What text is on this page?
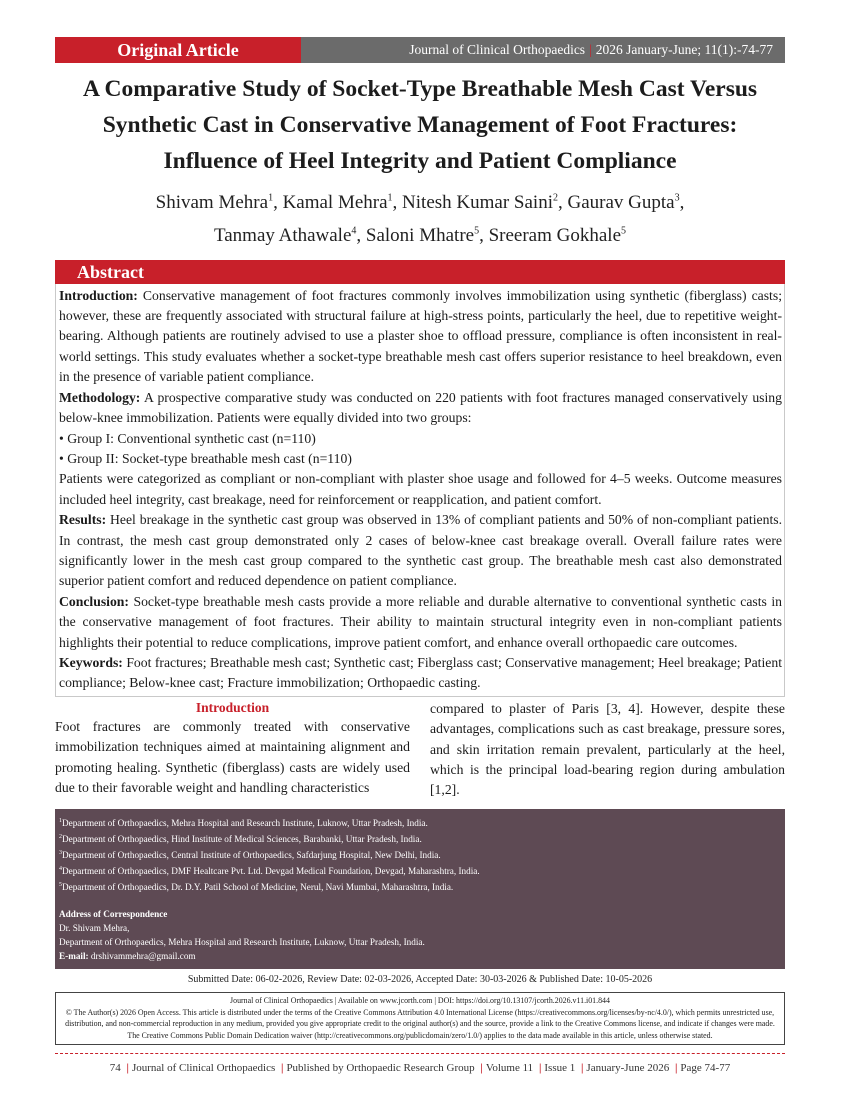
Original Article	Journal of Clinical Orthopaedics | 2026 January-June; 11(1):-74-77
A Comparative Study of Socket-Type Breathable Mesh Cast Versus Synthetic Cast in Conservative Management of Foot Fractures: Influence of Heel Integrity and Patient Compliance
Shivam Mehra$^1$, Kamal Mehra$^1$, Nitesh Kumar Saini$^2$, Gaurav Gupta$^3$,
Tanmay Athawale$^4$, Saloni Mhatre$^5$, Sreeram Gokhale$^5$
Abstract

Introduction: Conservative management of foot fractures commonly involves immobilization using synthetic (fiberglass) casts; however, these are frequently associated with structural failure at high-stress points, particularly the heel, due to repetitive weight-bearing. Although patients are routinely advised to use a plaster shoe to offload pressure, compliance is often inconsistent in real-world settings. This study evaluates whether a socket-type breathable mesh cast offers superior resistance to heel breakdown, even in the presence of variable patient compliance.

Methodology: A prospective comparative study was conducted on 220 patients with foot fractures managed conservatively using below-knee immobilization. Patients were equally divided into two groups:

• Group I: Conventional synthetic cast (n=110)

• Group II: Socket-type breathable mesh cast (n=110)

Patients were categorized as compliant or non-compliant with plaster shoe usage and followed for 4–5 weeks. Outcome measures included heel integrity, cast breakage, need for reinforcement or reapplication, and patient comfort.

Results: Heel breakage in the synthetic cast group was observed in 13% of compliant patients and 50% of non-compliant patients. In contrast, the mesh cast group demonstrated only 2 cases of below-knee cast breakage overall. Overall failure rates were significantly lower in the mesh cast group compared to the synthetic cast group. The breathable mesh cast also demonstrated superior patient comfort and reduced dependence on patient compliance.

Conclusion: Socket-type breathable mesh casts provide a more reliable and durable alternative to conventional synthetic casts in the conservative management of foot fractures. Their ability to maintain structural integrity even in non-compliant patients highlights their potential to reduce complications, improve patient comfort, and enhance overall orthopaedic care outcomes.

Keywords: Foot fractures; Breathable mesh cast; Synthetic cast; Fiberglass cast; Conservative management; Heel breakage; Patient compliance; Below-knee cast; Fracture immobilization; Orthopaedic casting.

Introduction

Foot fractures are commonly treated with conservative immobilization techniques aimed at maintaining alignment and promoting healing. Synthetic (fiberglass) casts are widely used due to their favorable weight and handling characteristics

compared to plaster of Paris [3, 4]. However, despite these advantages, complications such as cast breakage, pressure sores, and skin irritation remain prevalent, particularly at the heel, which is the principal load-bearing region during ambulation [1,2].

$^1$Department of Orthopaedics, Mehra Hospital and Research Institute, Luknow, Uttar Pradesh, India.
$^2$Department of Orthopaedics, Hind Institute of Medical Sciences, Barabanki, Uttar Pradesh, India.
$^3$Department of Orthopaedics, Central Institute of Orthopaedics, Safdarjung Hospital, New Delhi, India.
$^4$Department of Orthopaedics, DMF Healtcare Pvt. Ltd. Devgad Medical Foundation, Devgad, Maharashtra, India.
$^5$Department of Orthopaedics, Dr. D.Y. Patil School of Medicine, Nerul, Navi Mumbai, Maharashtra, India.
Address of Correspondence
Dr. Shivam Mehra,
Department of Orthopaedics, Mehra Hospital and Research Institute, Luknow, Uttar Pradesh, India.
E-mail: drshivammehra@gmail.com
Submitted Date: 06-02-2026, Review Date: 02-03-2026, Accepted Date: 30-03-2026 & Published Date: 10-05-2026
Journal of Clinical Orthopaedics | Available on www.jcorth.com | DOI: https://doi.org/10.13107/jcorth.2026.v11.i01.844
© The Author(s) 2026 Open Access. This article is distributed under the terms of the Creative Commons Attribution 4.0 International License (https://creativecommons.org/licenses/by-nc/4.0/), which permits unrestricted use, distribution, and non-commercial reproduction in any medium, provided you give appropriate credit to the original author(s) and the source, provide a link to the Creative Commons license, and indicate if changes were made. The Creative Commons Public Domain Dedication waiver (http://creativecommons.org/publicdomain/zero/1.0/) applies to the data made available in this article, unless otherwise stated.
74 | Journal of Clinical Orthopaedics | Published by Orthopaedic Research Group | Volume 11 | Issue 1 | January-June 2026 | Page 74-77
